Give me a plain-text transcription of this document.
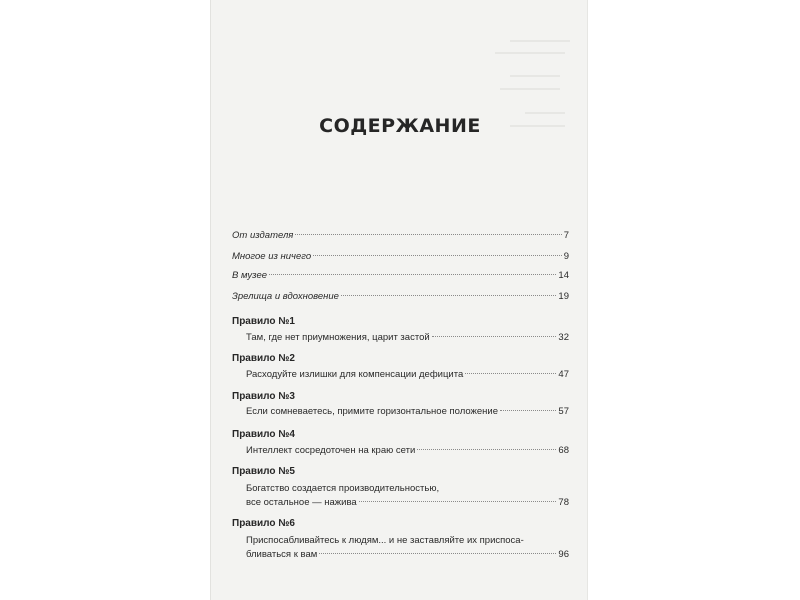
СОДЕРЖАНИЕ
От издателя	7
Многое из ничего	9
В музее	14
Зрелища и вдохновение	19
Правило №1
Там, где нет приумножения, царит застой	32
Правило №2
Расходуйте излишки для компенсации дефицита	47
Правило №3
Если сомневаетесь, примите горизонтальное положение	57
Правило №4
Интеллект сосредоточен на краю сети	68
Правило №5
Богатство создается производительностью,
все остальное — нажива	78
Правило №6
Приспосабливайтесь к людям... и не заставляйте их приспоса-
бливаться к вам	96
